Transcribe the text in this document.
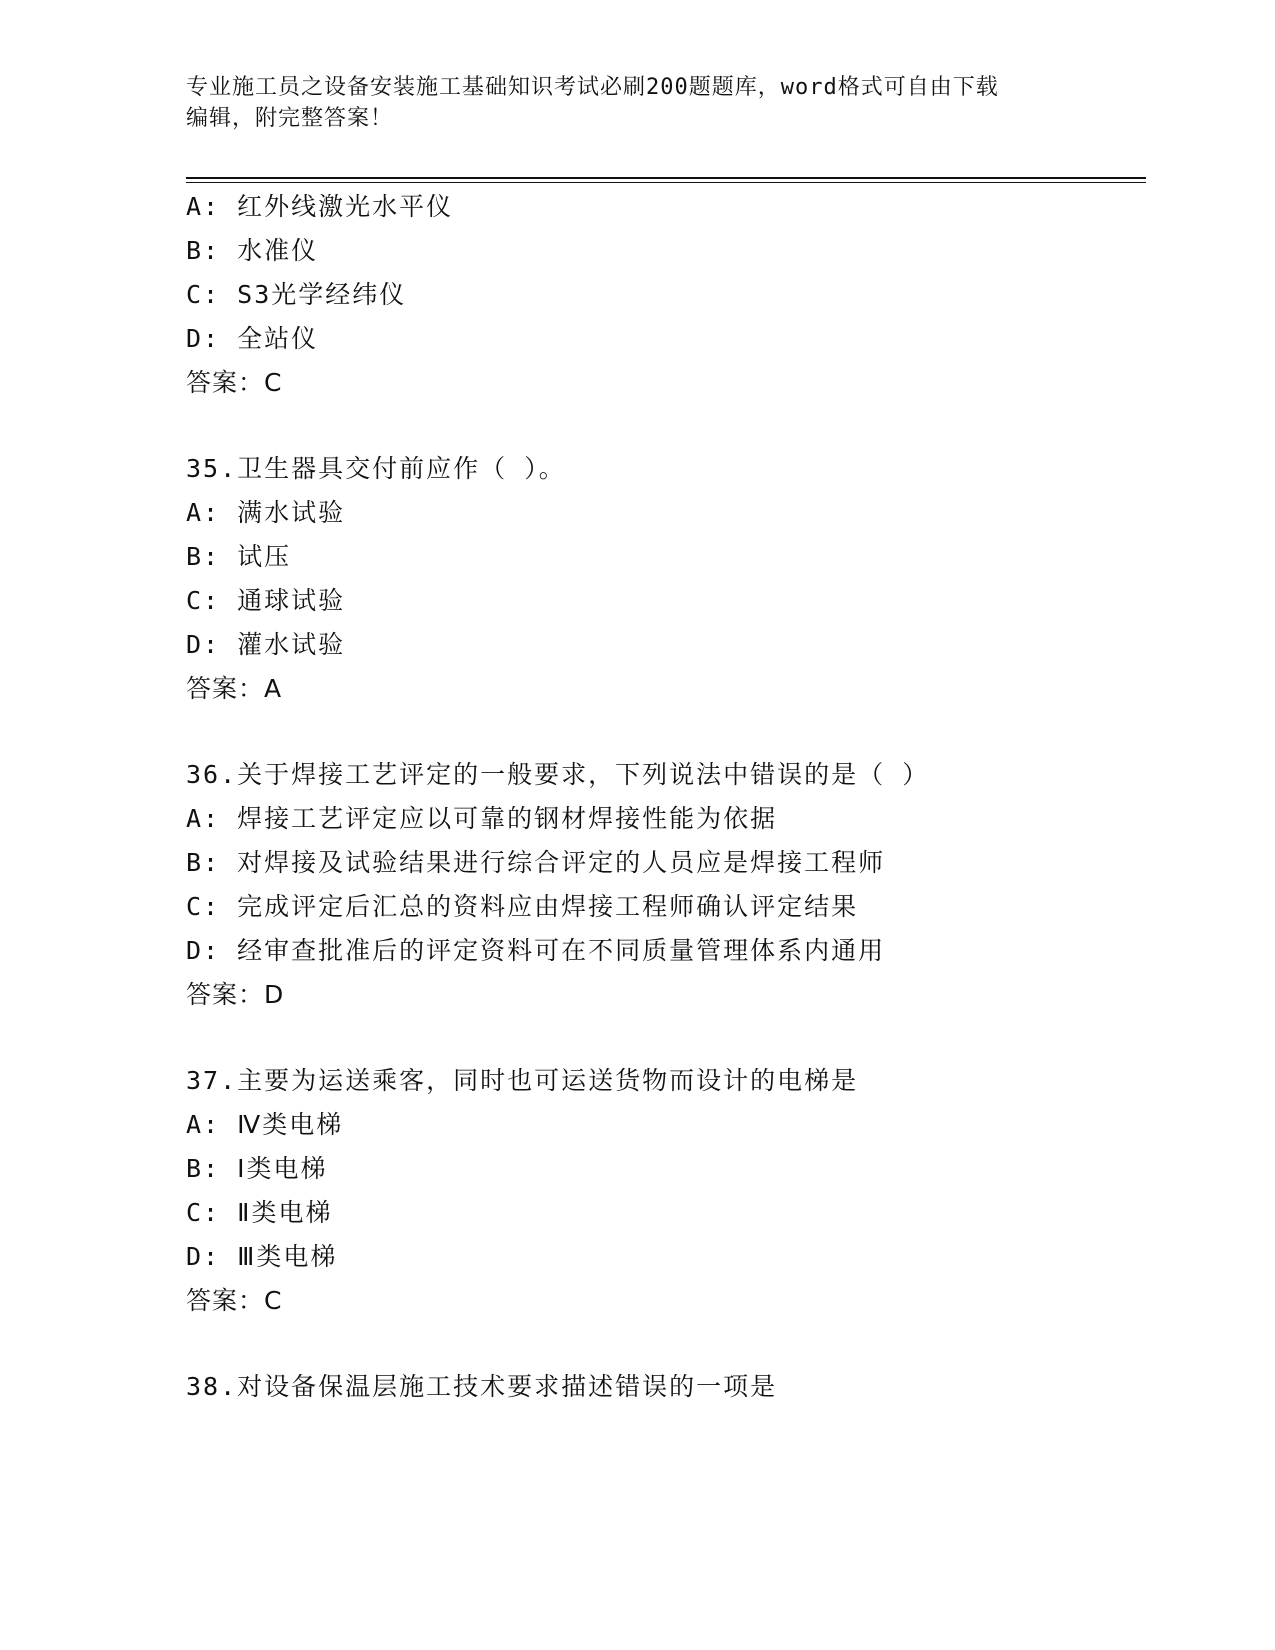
专业施工员之设备安装施工基础知识考试必刷200题题库，word格式可自由下载
编辑，附完整答案！
A: 红外线激光水平仪
B: 水准仪
C: S3光学经纬仪
D: 全站仪
答案：C
35.卫生器具交付前应作（ ）。
A: 满水试验
B: 试压
C: 通球试验
D: 灌水试验
答案：A
36.关于焊接工艺评定的一般要求，下列说法中错误的是（ ）
A: 焊接工艺评定应以可靠的钢材焊接性能为依据
B: 对焊接及试验结果进行综合评定的人员应是焊接工程师
C: 完成评定后汇总的资料应由焊接工程师确认评定结果
D: 经审查批准后的评定资料可在不同质量管理体系内通用
答案：D
37.主要为运送乘客，同时也可运送货物而设计的电梯是
A: Ⅳ类电梯
B: Ⅰ类电梯
C: Ⅱ类电梯
D: Ⅲ类电梯
答案：C
38.对设备保温层施工技术要求描述错误的一项是
